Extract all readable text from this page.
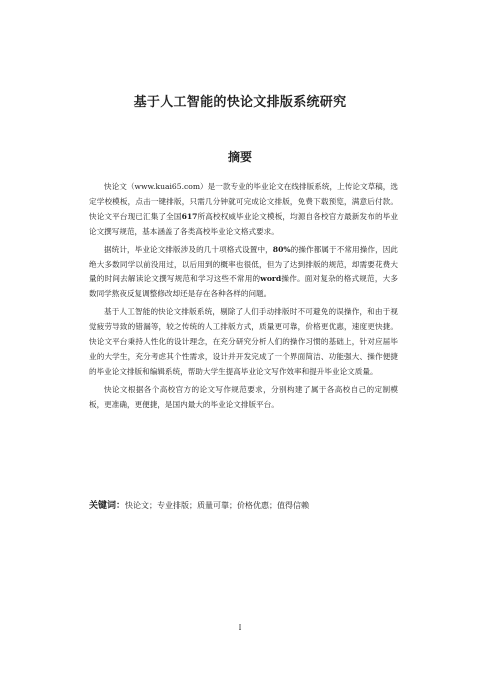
基于人工智能的快论文排版系统研究
摘要

快论文（www.kuai65.com）是一款专业的毕业论文在线排版系统，上传论文草稿，选定学校模板，点击一键排版，只需几分钟就可完成论文排版，免费下载预览，满意后付款。快论文平台现已汇集了全国617所高校权威毕业论文模板，均源自各校官方最新发布的毕业论文撰写规范，基本涵盖了各类高校毕业论文格式要求。

据统计，毕业论文排版涉及的几十项格式设置中，80%的操作都属于不常用操作，因此绝大多数同学以前没用过，以后用到的概率也很低，但为了达到排版的规范，却需要花费大量的时间去解读论文撰写规范和学习这些不常用的word操作。面对复杂的格式规范，大多数同学熬夜反复调整修改却还是存在各种各样的问题。

基于人工智能的快论文排版系统，剔除了人们手动排版时不可避免的误操作，和由于视觉疲劳导致的错漏等，较之传统的人工排版方式，质量更可靠，价格更优惠，速度更快捷。快论文平台秉持人性化的设计理念，在充分研究分析人们的操作习惯的基础上，针对应届毕业的大学生，充分考虑其个性需求，设计并开发完成了一个界面简洁、功能强大、操作便捷的毕业论文排版和编辑系统，帮助大学生提高毕业论文写作效率和提升毕业论文质量。

快论文根据各个高校官方的论文写作规范要求，分别构建了属于各高校自己的定制模板，更准确，更便捷，是国内最大的毕业论文排版平台。

关键词：快论文；专业排版；质量可靠；价格优惠；值得信赖
I
